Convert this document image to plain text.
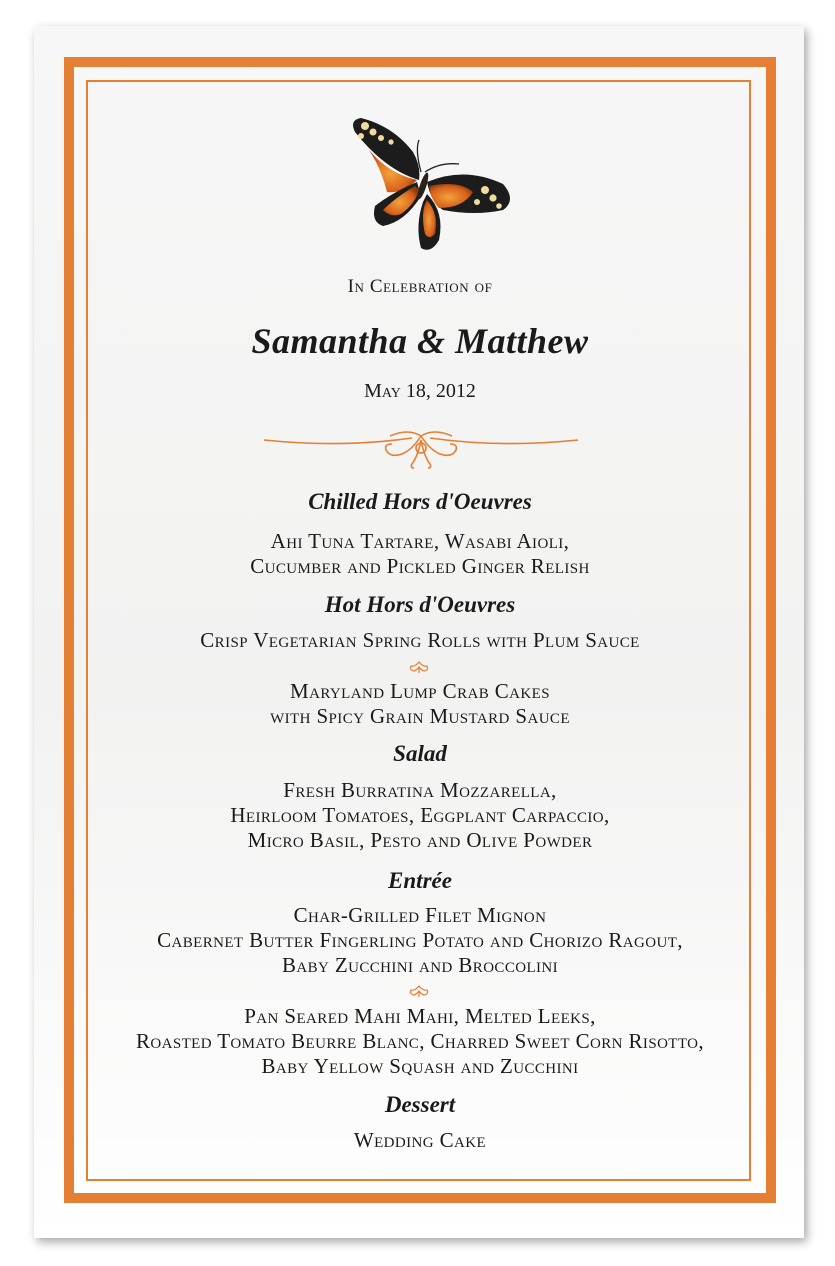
In Celebration of

Samantha & Matthew

May 18, 2012

Chilled Hors d'Oeuvres

Ahi Tuna Tartare, Wasabi Aioli,

Cucumber and Pickled Ginger Relish

Hot Hors d'Oeuvres

Crisp Vegetarian Spring Rolls with Plum Sauce

Maryland Lump Crab Cakes

with Spicy Grain Mustard Sauce

Salad

Fresh Burratina Mozzarella,

Heirloom Tomatoes, Eggplant Carpaccio,

Micro Basil, Pesto and Olive Powder

Entrée

Char-Grilled Filet Mignon

Cabernet Butter Fingerling Potato and Chorizo Ragout,

Baby Zucchini and Broccolini

Pan Seared Mahi Mahi, Melted Leeks,

Roasted Tomato Beurre Blanc, Charred Sweet Corn Risotto,

Baby Yellow Squash and Zucchini

Dessert

Wedding Cake
